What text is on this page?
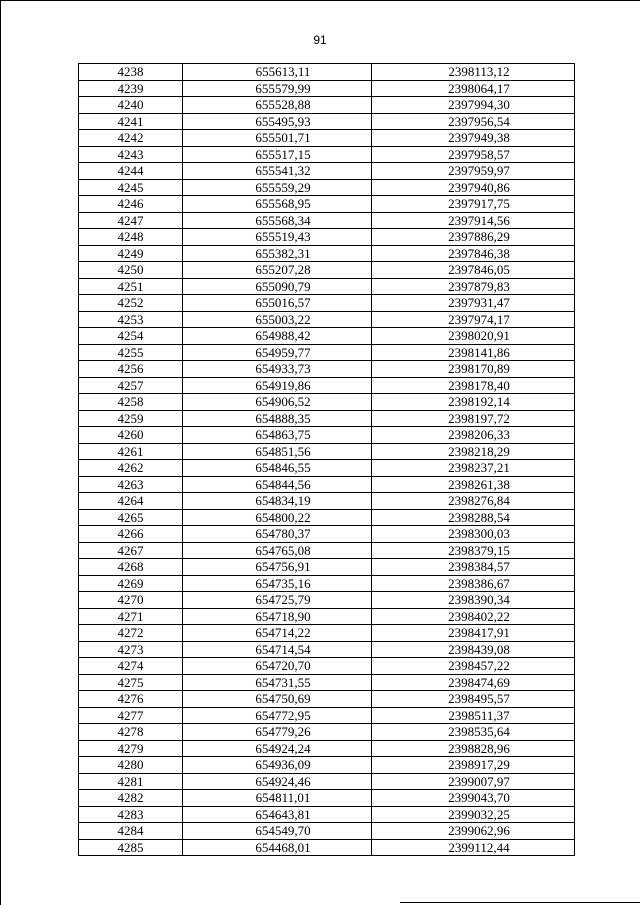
91
4238	655613,11	2398113,12
4239	655579,99	2398064,17
4240	655528,88	2397994,30
4241	655495,93	2397956,54
4242	655501,71	2397949,38
4243	655517,15	2397958,57
4244	655541,32	2397959,97
4245	655559,29	2397940,86
4246	655568,95	2397917,75
4247	655568,34	2397914,56
4248	655519,43	2397886,29
4249	655382,31	2397846,38
4250	655207,28	2397846,05
4251	655090,79	2397879,83
4252	655016,57	2397931,47
4253	655003,22	2397974,17
4254	654988,42	2398020,91
4255	654959,77	2398141,86
4256	654933,73	2398170,89
4257	654919,86	2398178,40
4258	654906,52	2398192,14
4259	654888,35	2398197,72
4260	654863,75	2398206,33
4261	654851,56	2398218,29
4262	654846,55	2398237,21
4263	654844,56	2398261,38
4264	654834,19	2398276,84
4265	654800,22	2398288,54
4266	654780,37	2398300,03
4267	654765,08	2398379,15
4268	654756,91	2398384,57
4269	654735,16	2398386,67
4270	654725,79	2398390,34
4271	654718,90	2398402,22
4272	654714,22	2398417,91
4273	654714,54	2398439,08
4274	654720,70	2398457,22
4275	654731,55	2398474,69
4276	654750,69	2398495,57
4277	654772,95	2398511,37
4278	654779,26	2398535,64
4279	654924,24	2398828,96
4280	654936,09	2398917,29
4281	654924,46	2399007,97
4282	654811,01	2399043,70
4283	654643,81	2399032,25
4284	654549,70	2399062,96
4285	654468,01	2399112,44
